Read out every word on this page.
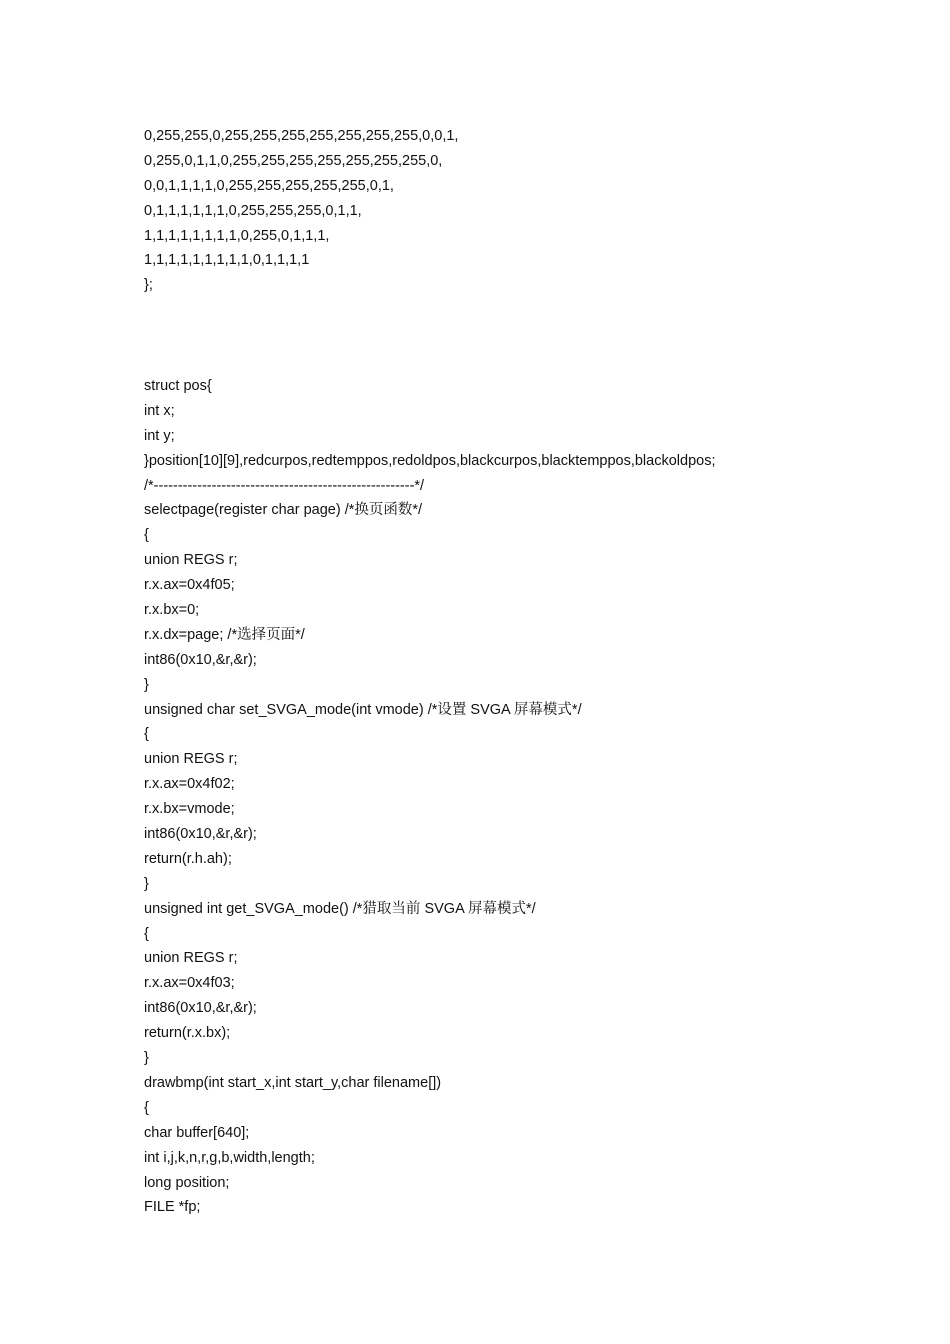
0,255,255,0,255,255,255,255,255,255,255,0,0,1,
0,255,0,1,1,0,255,255,255,255,255,255,255,0,
0,0,1,1,1,1,0,255,255,255,255,255,0,1,
0,1,1,1,1,1,1,0,255,255,255,0,1,1,
1,1,1,1,1,1,1,1,0,255,0,1,1,1,
1,1,1,1,1,1,1,1,1,0,1,1,1,1
};
struct pos{
int x;
int y;
}position[10][9],redcurpos,redtemppos,redoldpos,blackcurpos,blacktemppos,blackoldpos;
/*------------------------------------------------------*/
selectpage(register char page) /*换页函数*/
{
union REGS r;
r.x.ax=0x4f05;
r.x.bx=0;
r.x.dx=page; /*选择页面*/
int86(0x10,&r,&r);
}
unsigned char set_SVGA_mode(int vmode) /*设置 SVGA 屏幕模式*/
{
union REGS r;
r.x.ax=0x4f02;
r.x.bx=vmode;
int86(0x10,&r,&r);
return(r.h.ah);
}
unsigned int get_SVGA_mode() /*猎取当前 SVGA 屏幕模式*/
{
union REGS r;
r.x.ax=0x4f03;
int86(0x10,&r,&r);
return(r.x.bx);
}
drawbmp(int start_x,int start_y,char filename[])
{
char buffer[640];
int i,j,k,n,r,g,b,width,length;
long position;
FILE *fp;
